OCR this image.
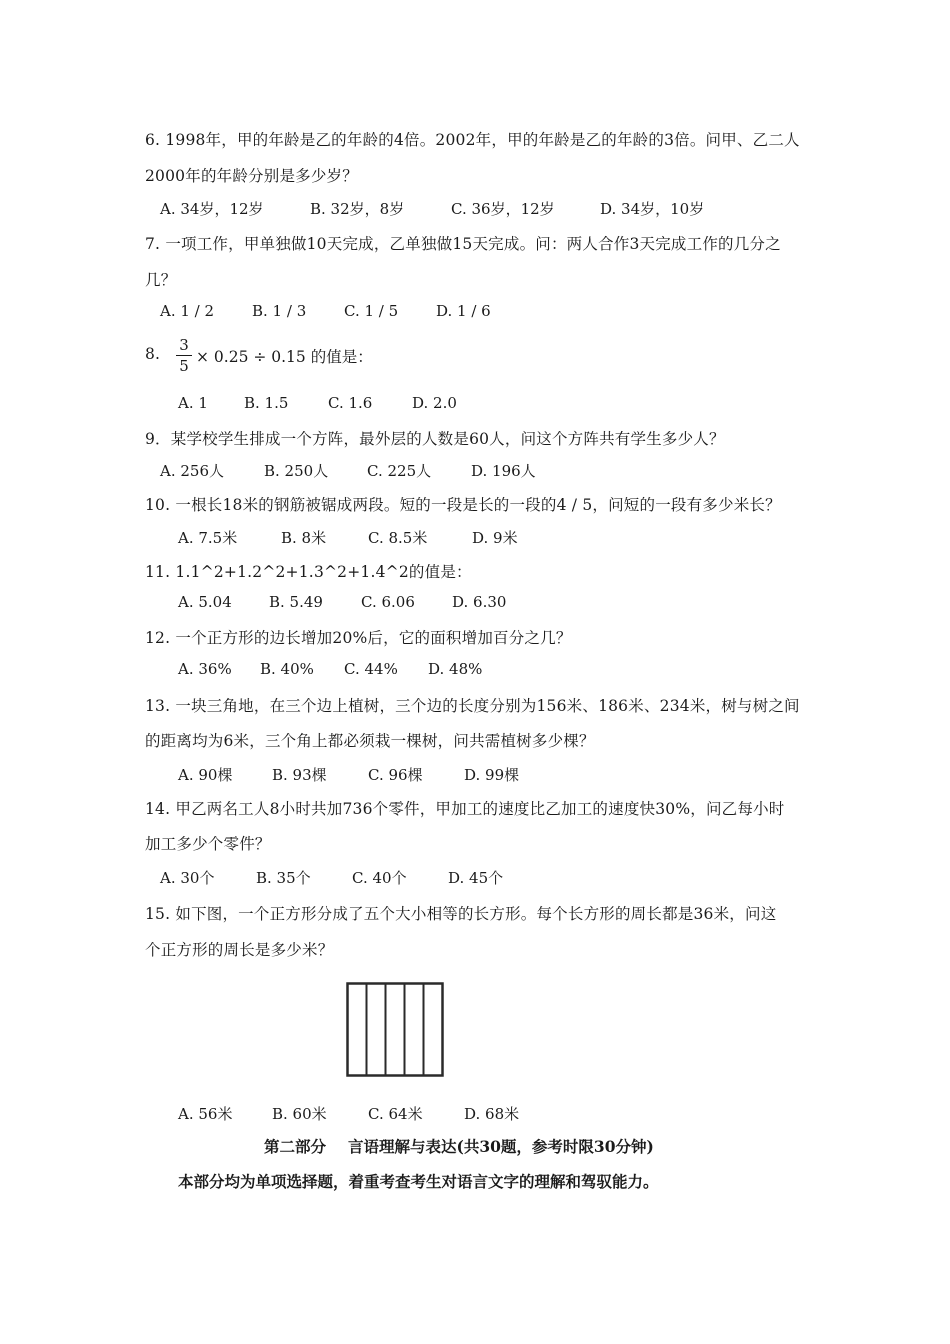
6. 1998年，甲的年龄是乙的年龄的4倍。2002年，甲的年龄是乙的年龄的3倍。问甲、乙二人
2000年的年龄分别是多少岁？
A. 34岁，12岁	B. 32岁，8岁	C. 36岁，12岁	D. 34岁，10岁
7. 一项工作，甲单独做10天完成，乙单独做15天完成。问：两人合作3天完成工作的几分之
几？
A. 1 / 2	B. 1 / 3	C. 1 / 5	D. 1 / 6
8. 3
5 × 0.25 ÷ 0.15 的值是：
A. 1 B. 1.5	C. 1.6	D. 2.0
9．某学校学生排成一个方阵，最外层的人数是60人，问这个方阵共有学生多少人？
A. 256人	B. 250人	C. 225人	D. 196人
10. 一根长18米的钢筋被锯成两段。短的一段是长的一段的4 / 5，问短的一段有多少米长？
A. 7.5米	B. 8米	C. 8.5米	D. 9米
11. 1.1^2+1.2^2+1.3^2+1.4^2的值是：
A. 5.04 B. 5.49	C. 6.06 D. 6.30
12. 一个正方形的边长增加20%后，它的面积增加百分之几？
A. 36% B. 40% C. 44% D. 48%
13. 一块三角地，在三个边上植树，三个边的长度分别为156米、186米、234米，树与树之间
的距离均为6米，三个角上都必须栽一棵树，问共需植树多少棵？
A. 90棵	B. 93棵	C. 96棵	D. 99棵
14. 甲乙两名工人8小时共加736个零件，甲加工的速度比乙加工的速度快30%，问乙每小时
加工多少个零件？
A. 30个	B. 35个	C. 40个	D. 45个
15. 如下图，一个正方形分成了五个大小相等的长方形。每个长方形的周长都是36米，问这
个正方形的周长是多少米？
A. 56米	B. 60米	C. 64米	D. 68米
第二部分 言语理解与表达(共30题，参考时限30分钟)
本部分均为单项选择题，着重考查考生对语言文字的理解和驾驭能力。
